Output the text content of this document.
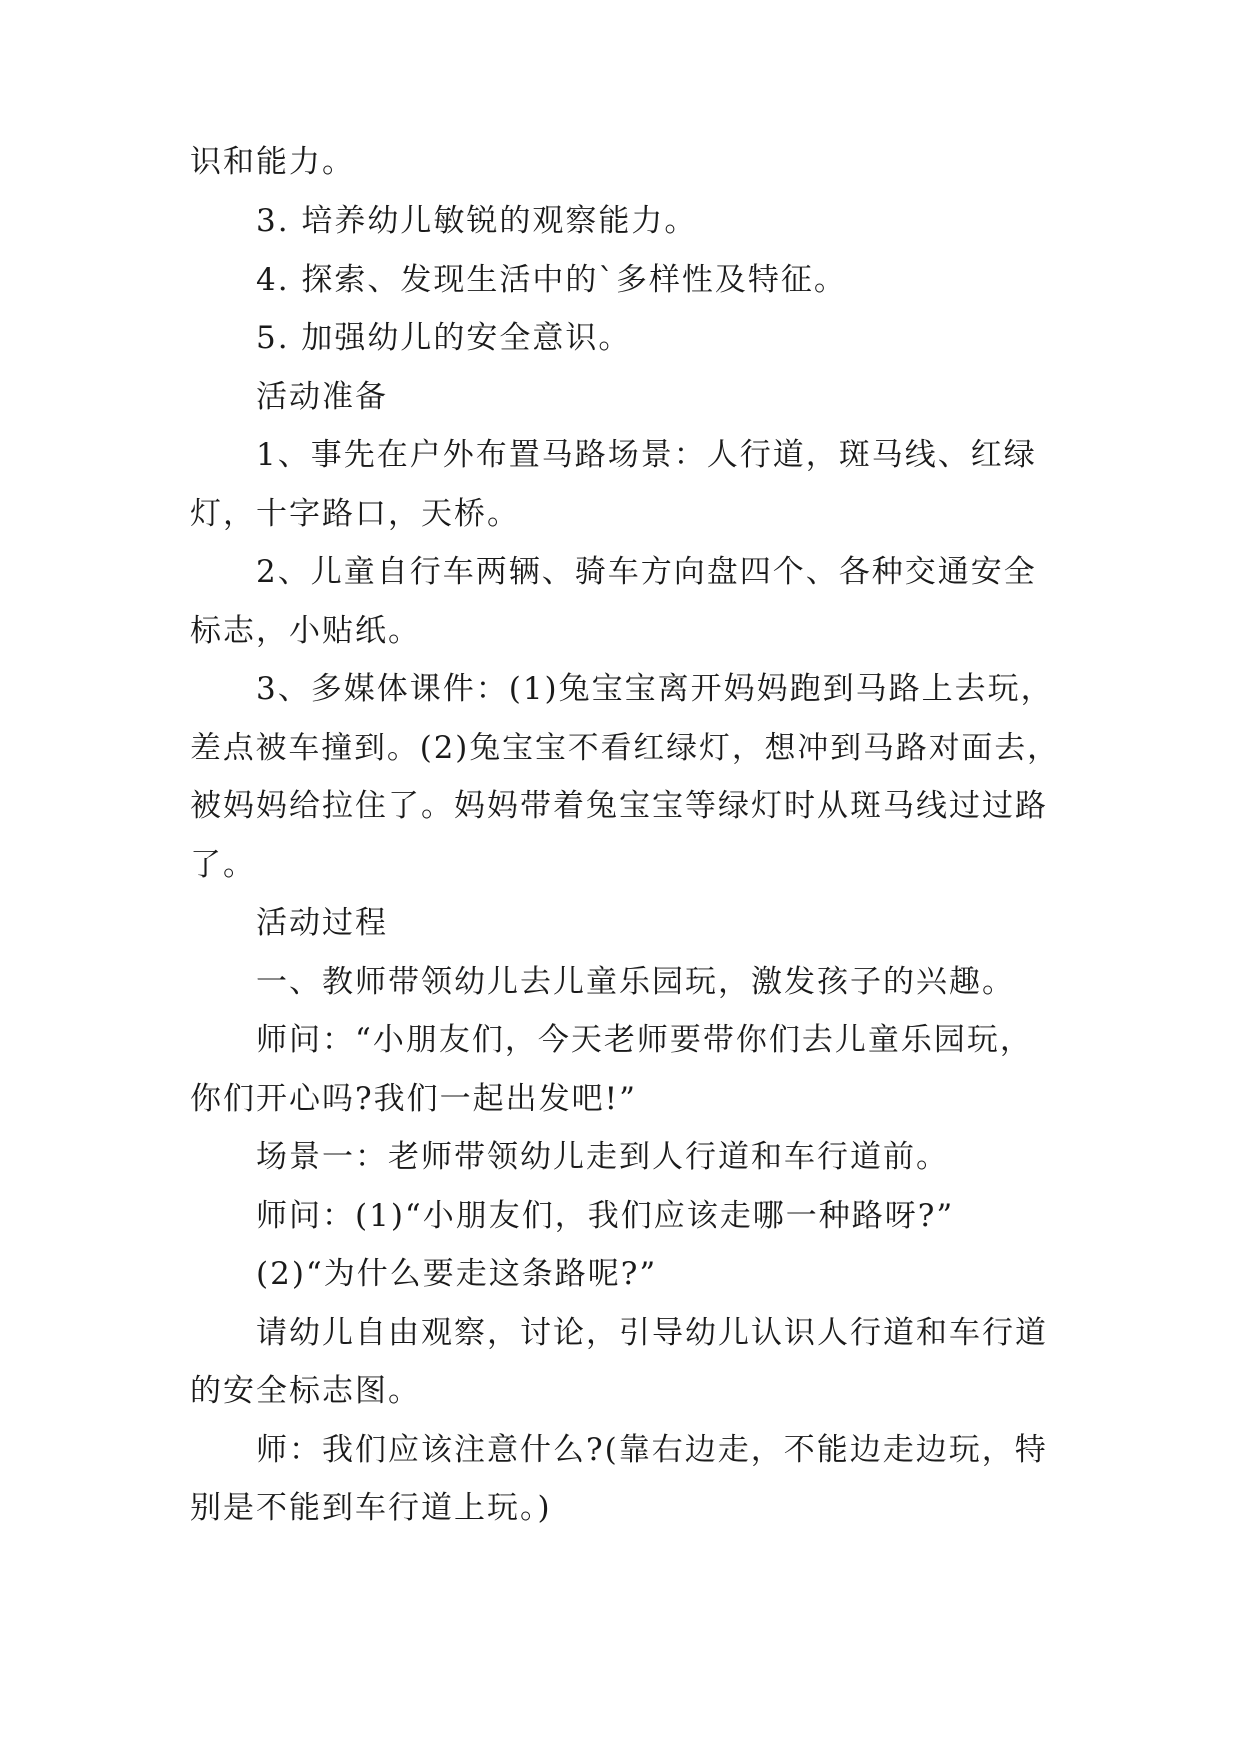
识和能力。
3. 培养幼儿敏锐的观察能力。
4. 探索、发现生活中的`多样性及特征。
5. 加强幼儿的安全意识。
活动准备
1、事先在户外布置马路场景：人行道，斑马线、红绿
灯，十字路口，天桥。
2、儿童自行车两辆、骑车方向盘四个、各种交通安全
标志，小贴纸。
3、多媒体课件：(1)兔宝宝离开妈妈跑到马路上去玩，
差点被车撞到。(2)兔宝宝不看红绿灯，想冲到马路对面去，
被妈妈给拉住了。妈妈带着兔宝宝等绿灯时从斑马线过过路
了。
活动过程
一、教师带领幼儿去儿童乐园玩，激发孩子的兴趣。
师问：“小朋友们，今天老师要带你们去儿童乐园玩，
你们开心吗?我们一起出发吧!”
场景一：老师带领幼儿走到人行道和车行道前。
师问：(1)“小朋友们，我们应该走哪一种路呀?”
(2)“为什么要走这条路呢?”
请幼儿自由观察，讨论，引导幼儿认识人行道和车行道
的安全标志图。
师：我们应该注意什么?(靠右边走，不能边走边玩，特
别是不能到车行道上玩。)
